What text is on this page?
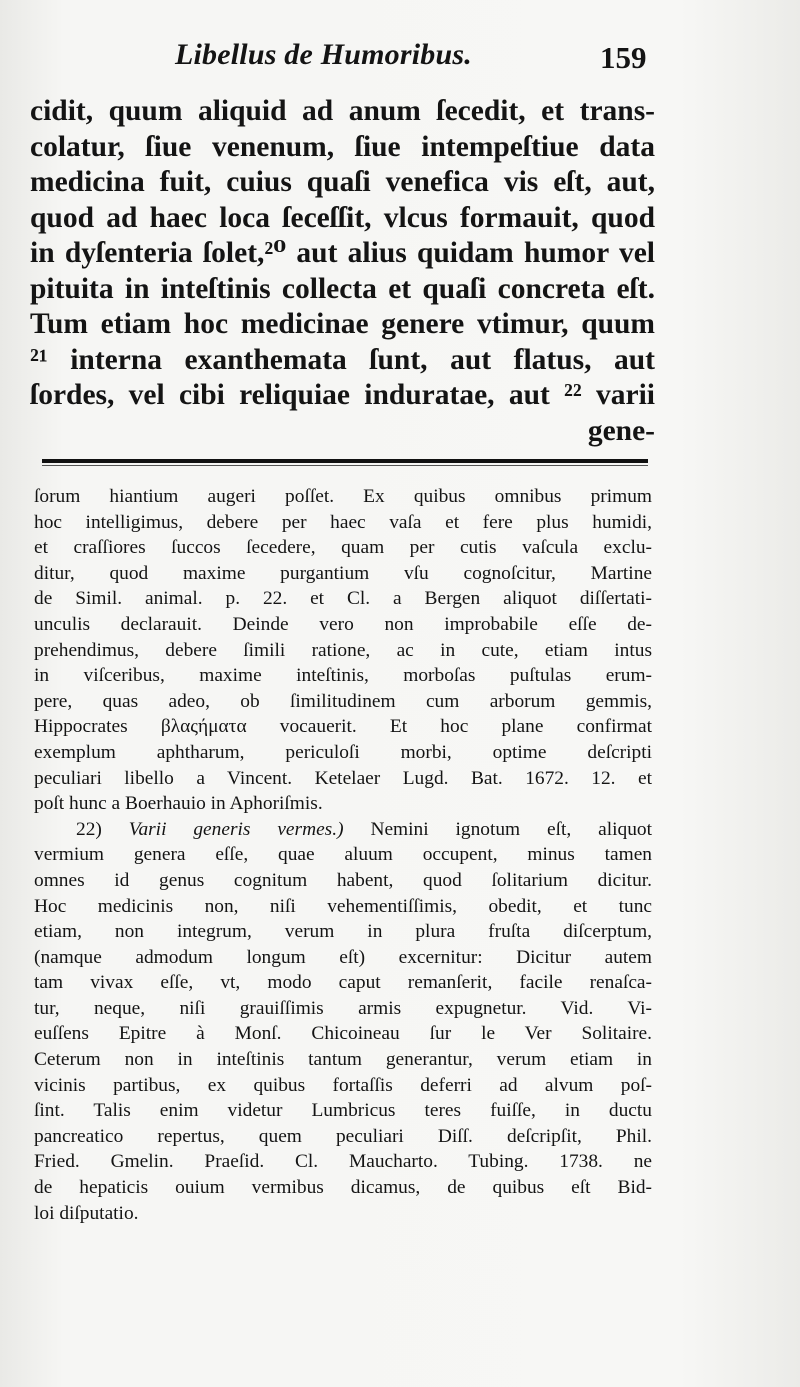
Libellus de Humoribus.	159
cidit, quum aliquid ad anum ſecedit, et trans-
colatur, ſiue venenum, ſiue intempeſtiue data
medicina fuit, cuius quaſi venefica vis eſt, aut,
quod ad haec loca ſeceſſit, vlcus formauit, quod
in dyſenteria ſolet,²⁰ aut alius quidam humor vel
pituita in inteſtinis collecta et quaſi concreta eſt.
Tum etiam hoc medicinae genere vtimur, quum
²¹ interna exanthemata ſunt, aut flatus, aut
ſordes, vel cibi reliquiae induratae, aut ²² varii
gene-
ſorum hiantium augeri poſſet. Ex quibus omnibus primum
hoc intelligimus, debere per haec vaſa et fere plus humidi,
et craſſiores ſuccos ſecedere, quam per cutis vaſcula exclu-
ditur, quod maxime purgantium vſu cognoſcitur, Martine
de Simil. animal. p. 22. et Cl. a Bergen aliquot diſſertati-
unculis declarauit. Deinde vero non improbabile eſſe de-
prehendimus, debere ſimili ratione, ac in cute, etiam intus
in viſceribus, maxime inteſtinis, morboſas puſtulas erum-
pere, quas adeo, ob ſimilitudinem cum arborum gemmis,
Hippocrates βλαςήματα vocauerit. Et hoc plane confirmat
exemplum aphtharum, periculoſi morbi, optime deſcripti
peculiari libello a Vincent. Ketelaer Lugd. Bat. 1672. 12. et
poſt hunc a Boerhauio in Aphoriſmis.
22) Varii generis vermes.) Nemini ignotum eſt, aliquot
vermium genera eſſe, quae aluum occupent, minus tamen
omnes id genus cognitum habent, quod ſolitarium dicitur.
Hoc medicinis non, niſi vehementiſſimis, obedit, et tunc
etiam, non integrum, verum in plura fruſta diſcerptum,
(namque admodum longum eſt) excernitur: Dicitur autem
tam vivax eſſe, vt, modo caput remanſerit, facile renaſca-
tur, neque, niſi grauiſſimis armis expugnetur. Vid. Vi-
euſſens Epitre à Monſ. Chicoineau ſur le Ver Solitaire.
Ceterum non in inteſtinis tantum generantur, verum etiam in
vicinis partibus, ex quibus fortaſſis deferri ad alvum poſ-
ſint. Talis enim videtur Lumbricus teres fuiſſe, in ductu
pancreatico repertus, quem peculiari Diſſ. deſcripſit, Phil.
Fried. Gmelin. Praeſid. Cl. Maucharto. Tubing. 1738. ne
de hepaticis ouium vermibus dicamus, de quibus eſt Bid-
loi diſputatio.
